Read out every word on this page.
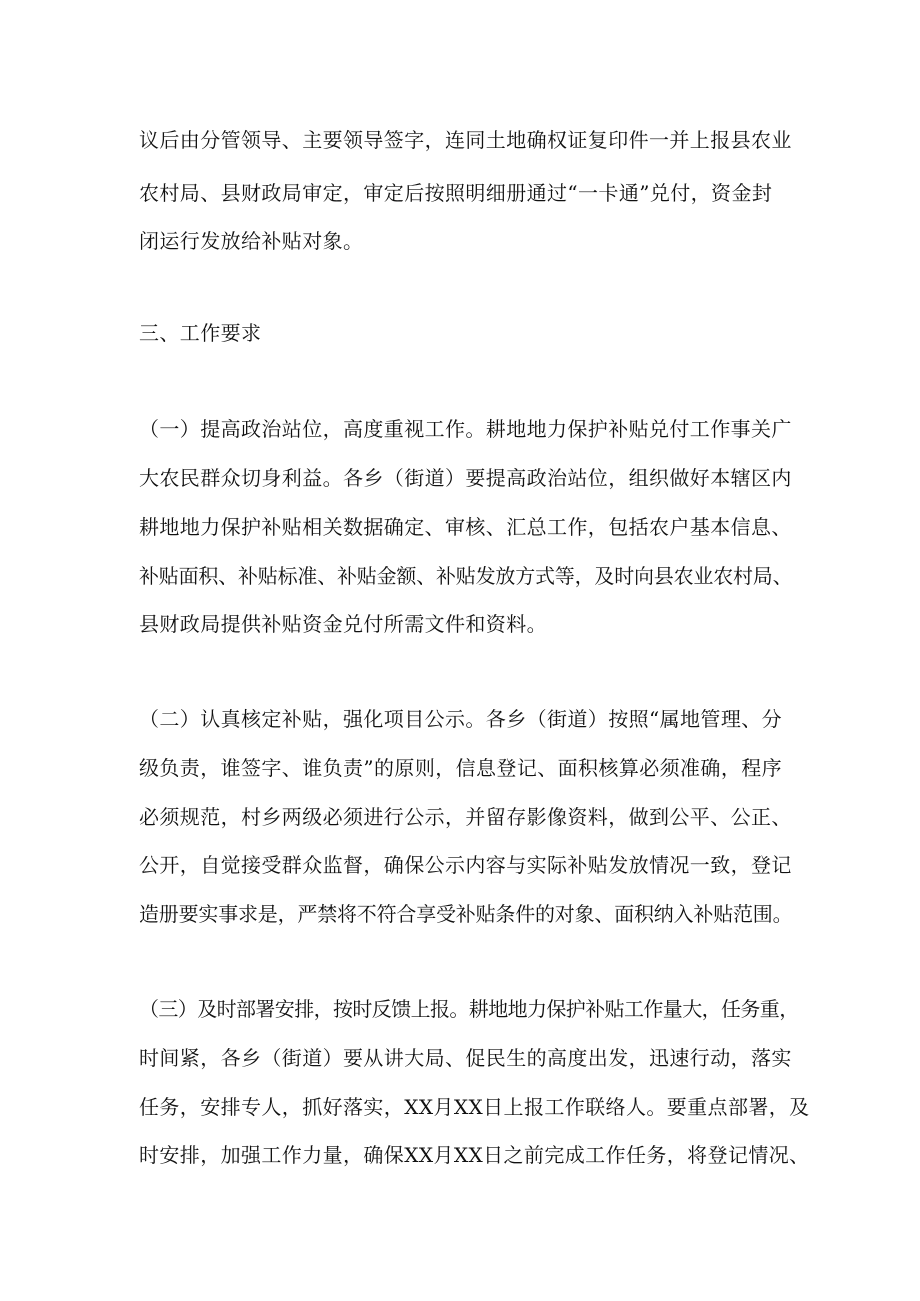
议后由分管领导、主要领导签字，连同土地确权证复印件一并上报县农业
农村局、县财政局审定，审定后按照明细册通过“一卡通”兑付，资金封
闭运行发放给补贴对象。
三、工作要求
（一）提高政治站位，高度重视工作。耕地地力保护补贴兑付工作事关广
大农民群众切身利益。各乡（街道）要提高政治站位，组织做好本辖区内
耕地地力保护补贴相关数据确定、审核、汇总工作，包括农户基本信息、
补贴面积、补贴标准、补贴金额、补贴发放方式等，及时向县农业农村局、
县财政局提供补贴资金兑付所需文件和资料。
（二）认真核定补贴，强化项目公示。各乡（街道）按照“属地管理、分
级负责，谁签字、谁负责”的原则，信息登记、面积核算必须准确，程序
必须规范，村乡两级必须进行公示，并留存影像资料，做到公平、公正、
公开，自觉接受群众监督，确保公示内容与实际补贴发放情况一致，登记
造册要实事求是，严禁将不符合享受补贴条件的对象、面积纳入补贴范围。
（三）及时部署安排，按时反馈上报。耕地地力保护补贴工作量大，任务重，
时间紧，各乡（街道）要从讲大局、促民生的高度出发，迅速行动，落实
任务，安排专人，抓好落实，XX月XX日上报工作联络人。要重点部署，及
时安排，加强工作力量，确保XX月XX日之前完成工作任务，将登记情况、
